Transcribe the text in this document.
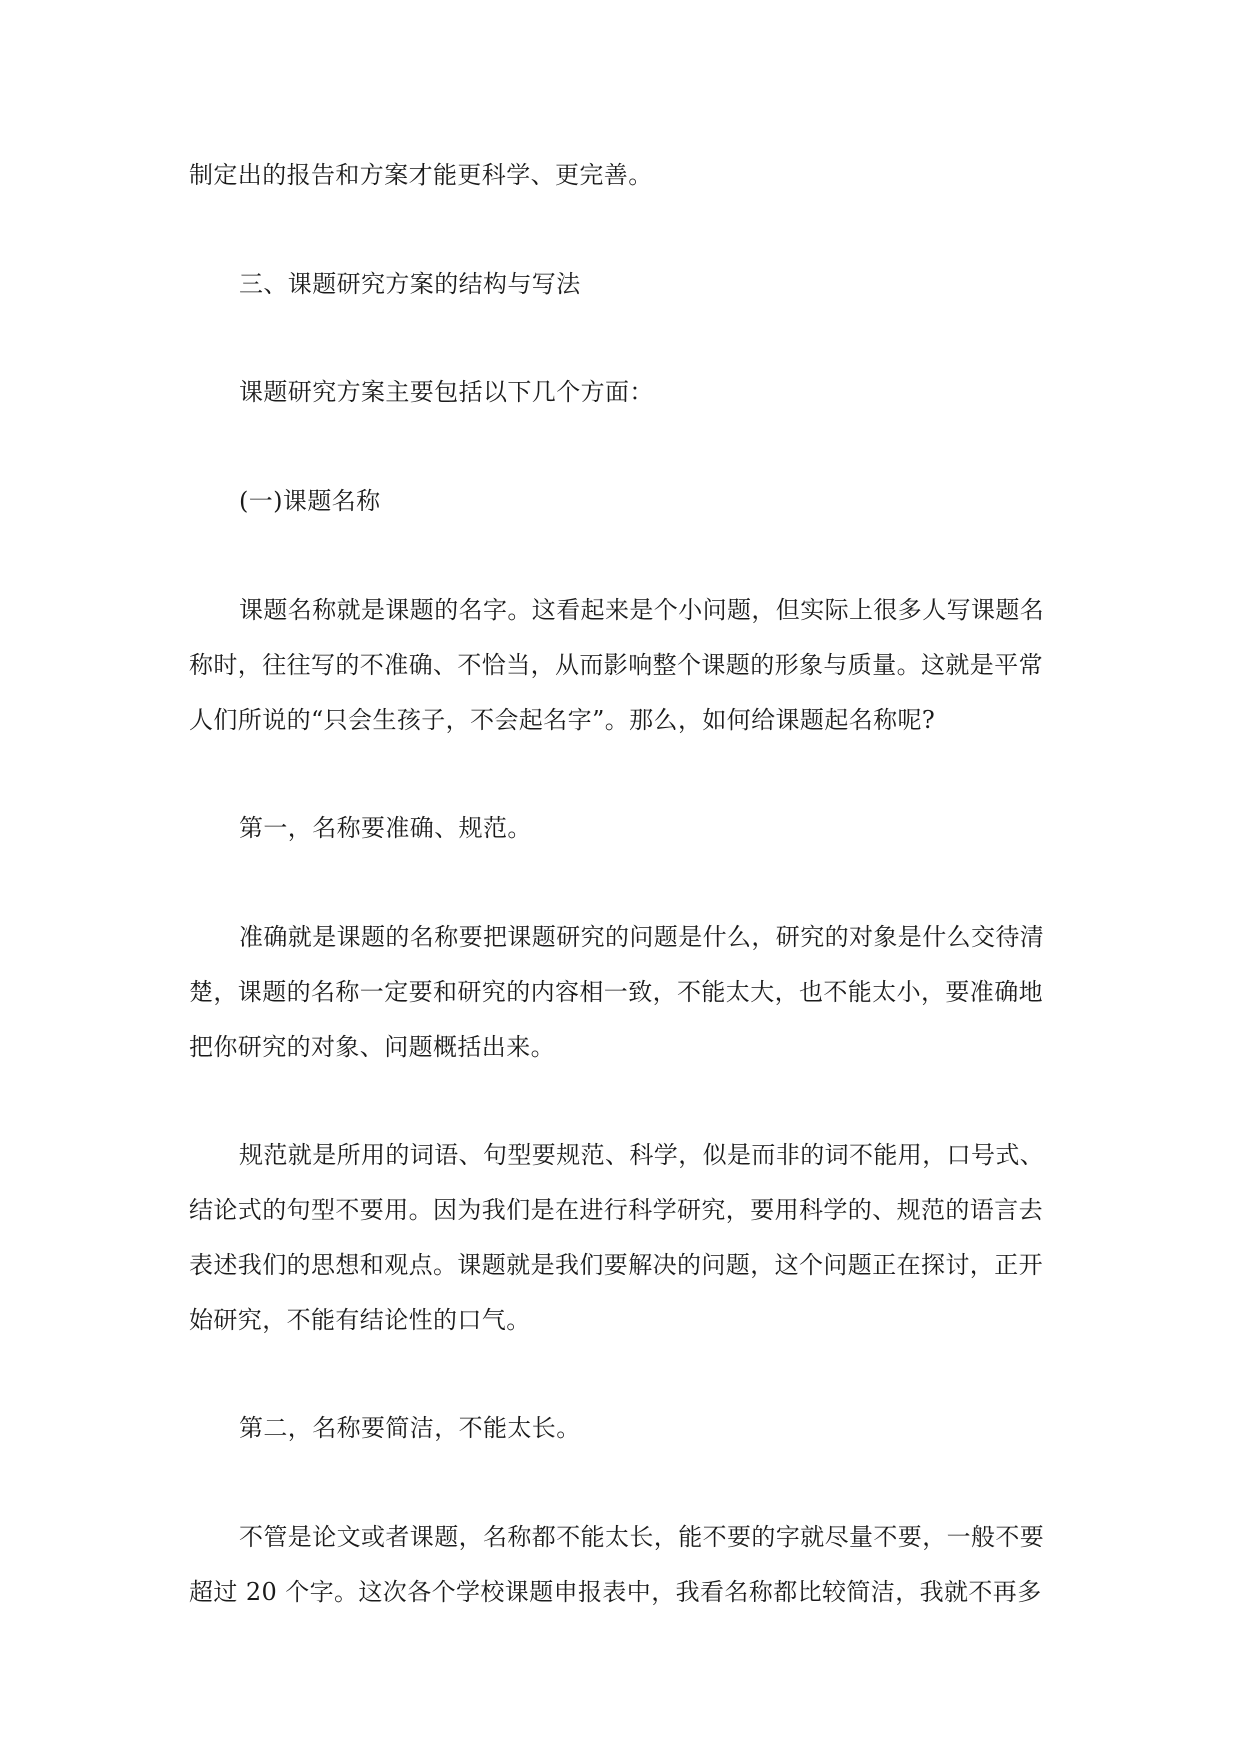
制定出的报告和方案才能更科学、更完善。
三、课题研究方案的结构与写法
课题研究方案主要包括以下几个方面：
(一)课题名称
课题名称就是课题的名字。这看起来是个小问题，但实际上很多人写课题名
称时，往往写的不准确、不恰当，从而影响整个课题的形象与质量。这就是平常
人们所说的“只会生孩子，不会起名字”。那么，如何给课题起名称呢?
第一，名称要准确、规范。
准确就是课题的名称要把课题研究的问题是什么，研究的对象是什么交待清
楚，课题的名称一定要和研究的内容相一致，不能太大，也不能太小，要准确地
把你研究的对象、问题概括出来。
规范就是所用的词语、句型要规范、科学，似是而非的词不能用，口号式、
结论式的句型不要用。因为我们是在进行科学研究，要用科学的、规范的语言去
表述我们的思想和观点。课题就是我们要解决的问题，这个问题正在探讨，正开
始研究，不能有结论性的口气。
第二，名称要简洁，不能太长。
不管是论文或者课题，名称都不能太长，能不要的字就尽量不要，一般不要
超过 20 个字。这次各个学校课题申报表中，我看名称都比较简洁，我就不再多
